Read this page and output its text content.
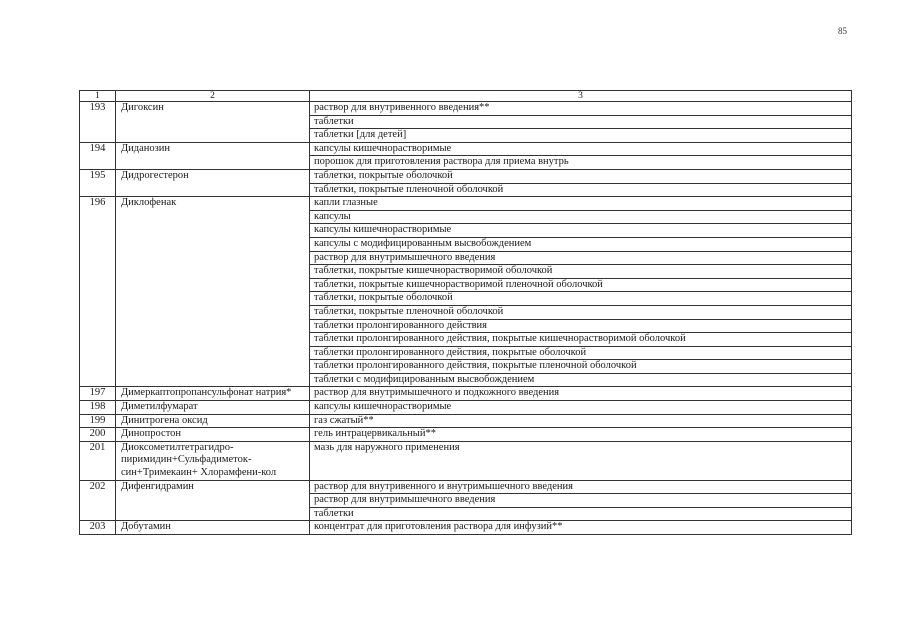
85
1	2	3
193	Дигоксин	раствор для внутривенного введения**
		таблетки
		таблетки [для детей]
194	Диданозин	капсулы кишечнорастворимые
		порошок для приготовления раствора для приема внутрь
195	Дидрогестерон	таблетки, покрытые оболочкой
		таблетки, покрытые пленочной оболочкой
196	Диклофенак	капли глазные
		капсулы
		капсулы кишечнорастворимые
		капсулы с модифицированным высвобождением
		раствор для внутримышечного введения
		таблетки, покрытые кишечнорастворимой оболочкой
		таблетки, покрытые кишечнорастворимой пленочной оболочкой
		таблетки, покрытые оболочкой
		таблетки, покрытые пленочной оболочкой
		таблетки пролонгированного действия
		таблетки пролонгированного действия, покрытые кишечнорастворимой оболочкой
		таблетки пролонгированного действия, покрытые оболочкой
		таблетки пролонгированного действия, покрытые пленочной оболочкой
		таблетки с модифицированным высвобождением
197	Димеркаптопропансульфонат натрия*	раствор для внутримышечного и подкожного введения
198	Диметилфумарат	капсулы кишечнорастворимые
199	Динитрогена оксид	газ сжатый**
200	Динопростон	гель интрацервикальный**
201	Диоксометилтетрагидро-пиримидин+Сульфадиметок-син+Тримекаин+ Хлорамфени-кол	мазь для наружного применения
202	Дифенгидрамин	раствор для внутривенного и внутримышечного введения
		раствор для внутримышечного введения
		таблетки
203	Добутамин	концентрат для приготовления раствора для инфузий**
